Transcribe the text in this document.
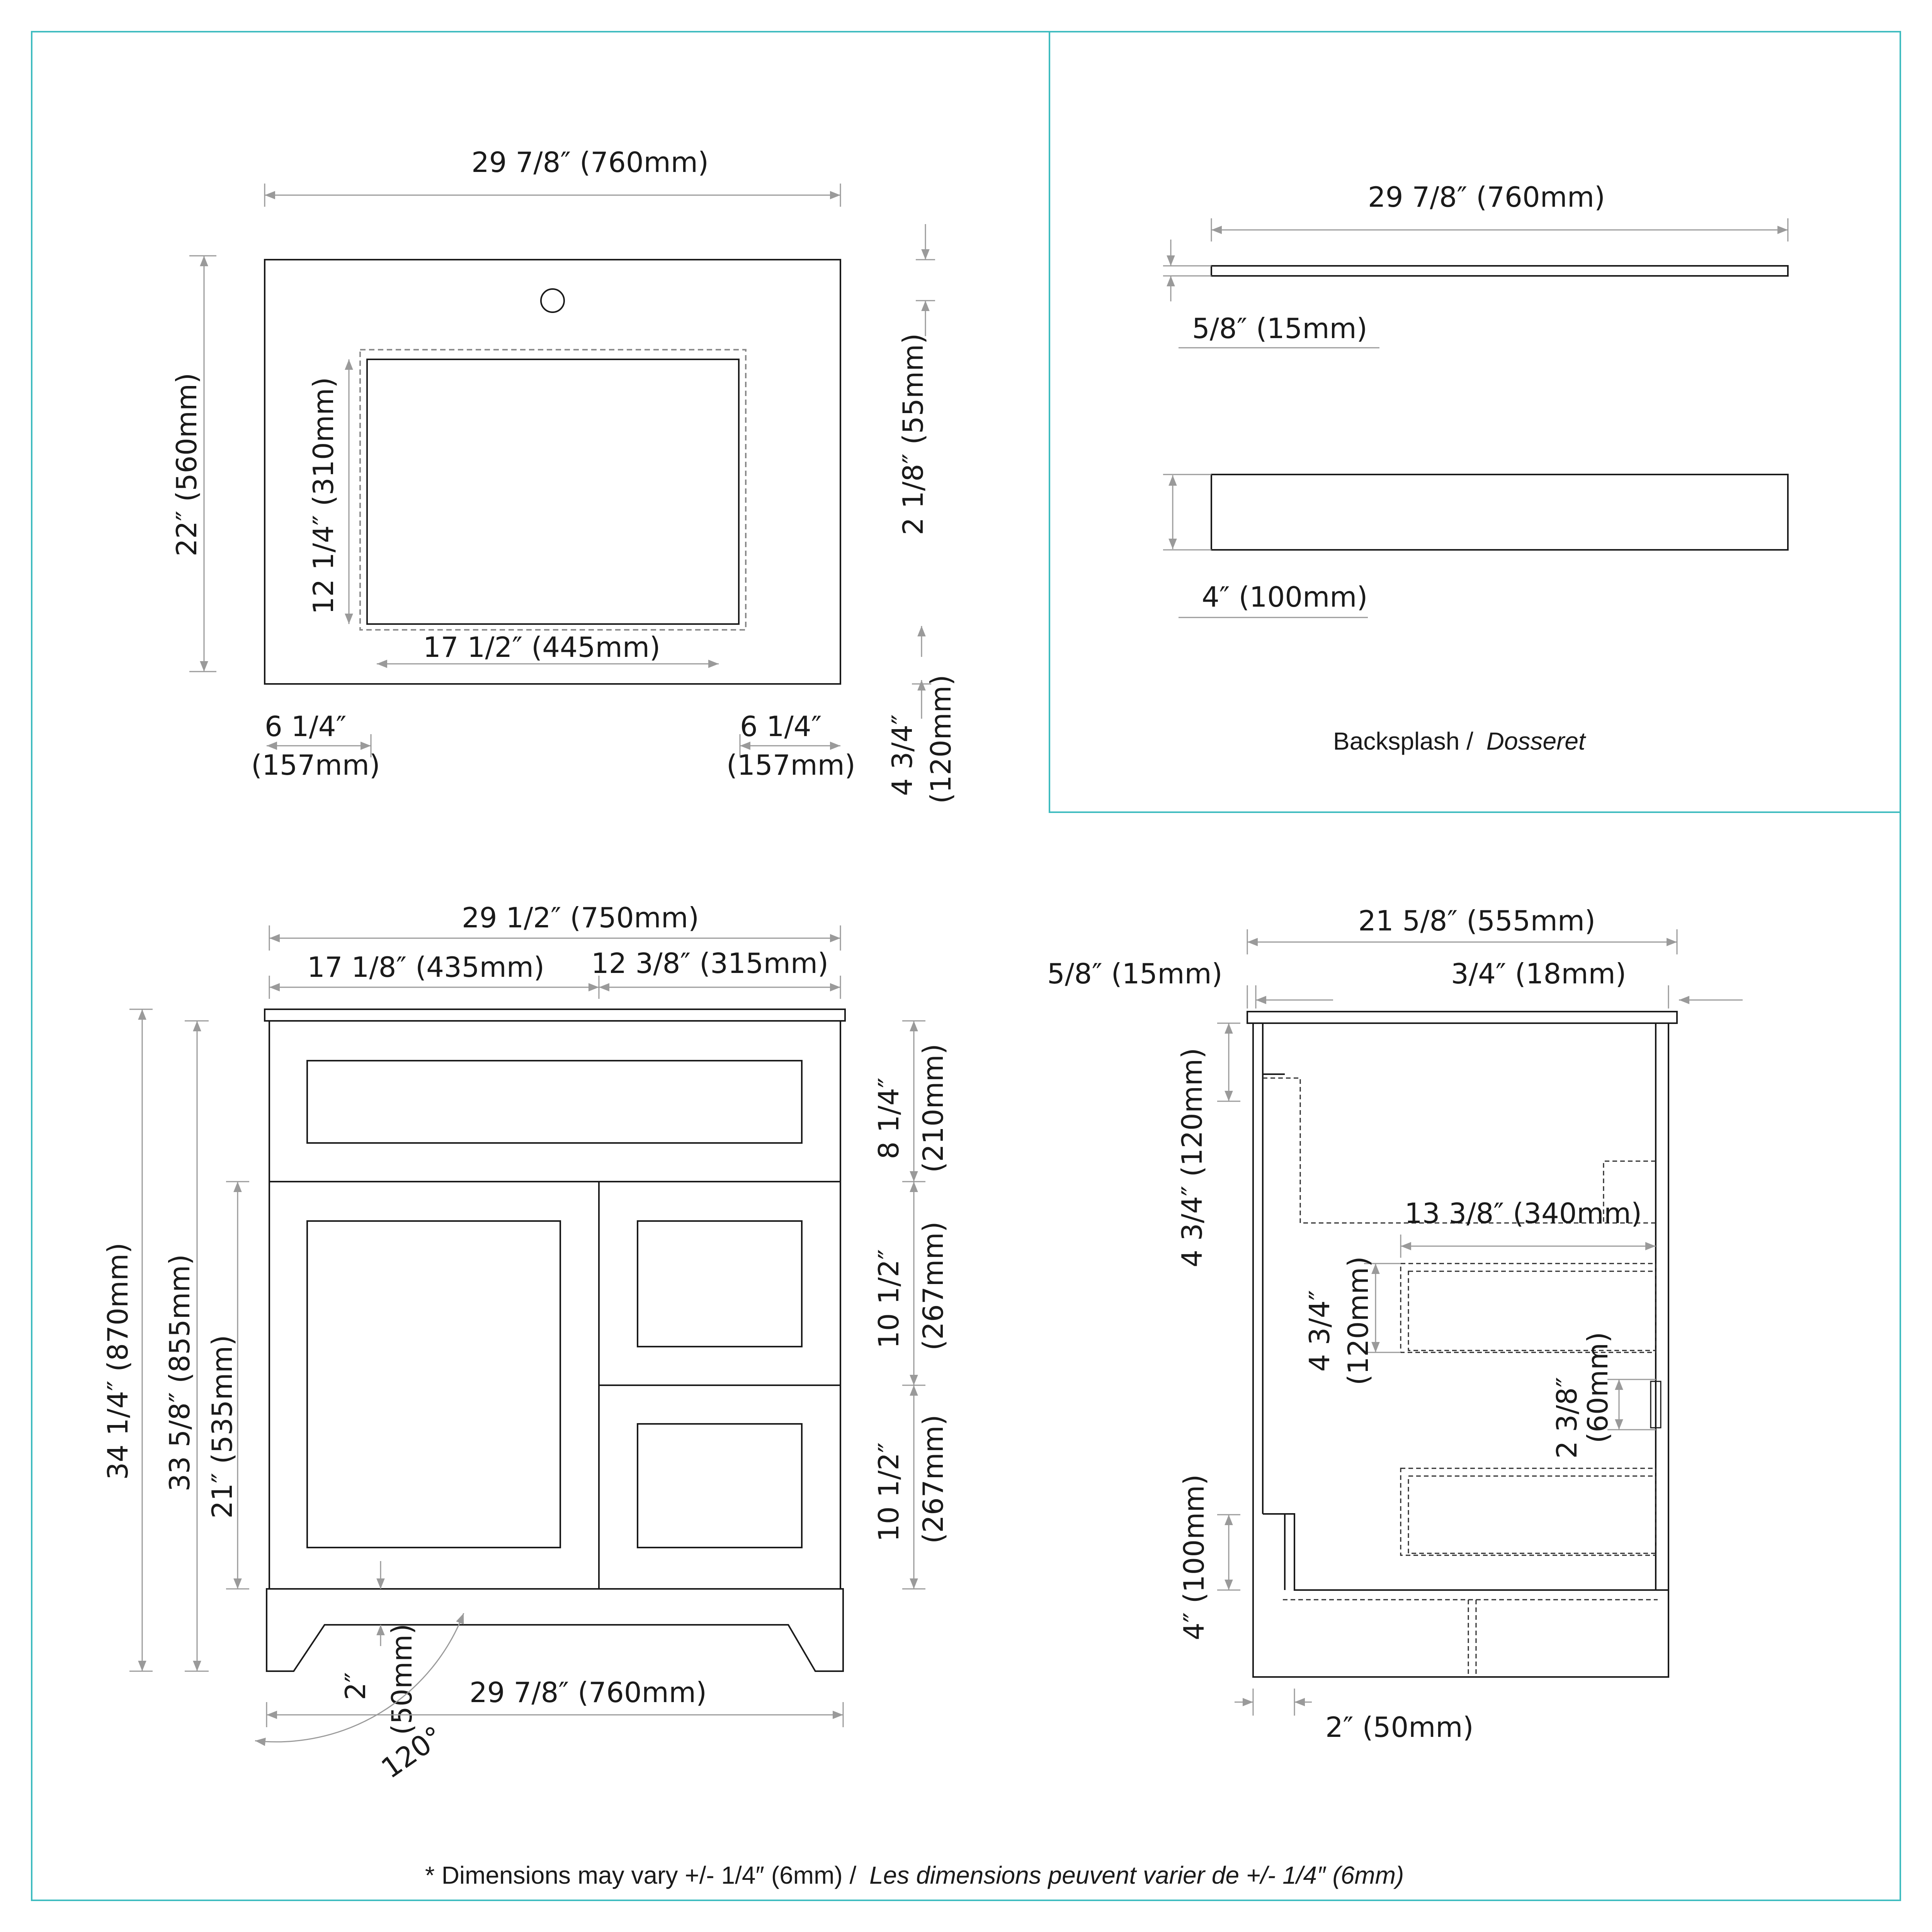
29 7/8″ (760mm)
22″ (560mm)	12 1/4″ (310mm)
17 1/2″ (445mm)
2 1/8″ (55mm)
4 3/4″ (120mm)
6 1/4″
(157mm)
6 1/4″
(157mm)
29 7/8″ (760mm)
5/8″ (15mm)
4″ (100mm)
Backsplash / Dosseret
29 1/2″ (750mm)
17 1/8″ (435mm) 12 3/8″ (315mm)
8 1/4″ (210mm)
10 1/2″ (267mm)
10 1/2″ (267mm)
34 1/4″ (870mm) 33 5/8″ (855mm) 21″ (535mm)
2″ (50mm) 29 7/8″ (760mm)
120°
21 5/8″ (555mm)
5/8″ (15mm)	3/4″ (18mm)
4 3/4″ (120mm)	13 3/8″ (340mm)
4 3/4″ (120mm)
2 3/8″
(60mm)
4″ (100mm)
2″ (50mm)
* Dimensions may vary +/- 1/4″ (6mm) / Les dimensions peuvent varier de +/- 1/4″ (6mm)
